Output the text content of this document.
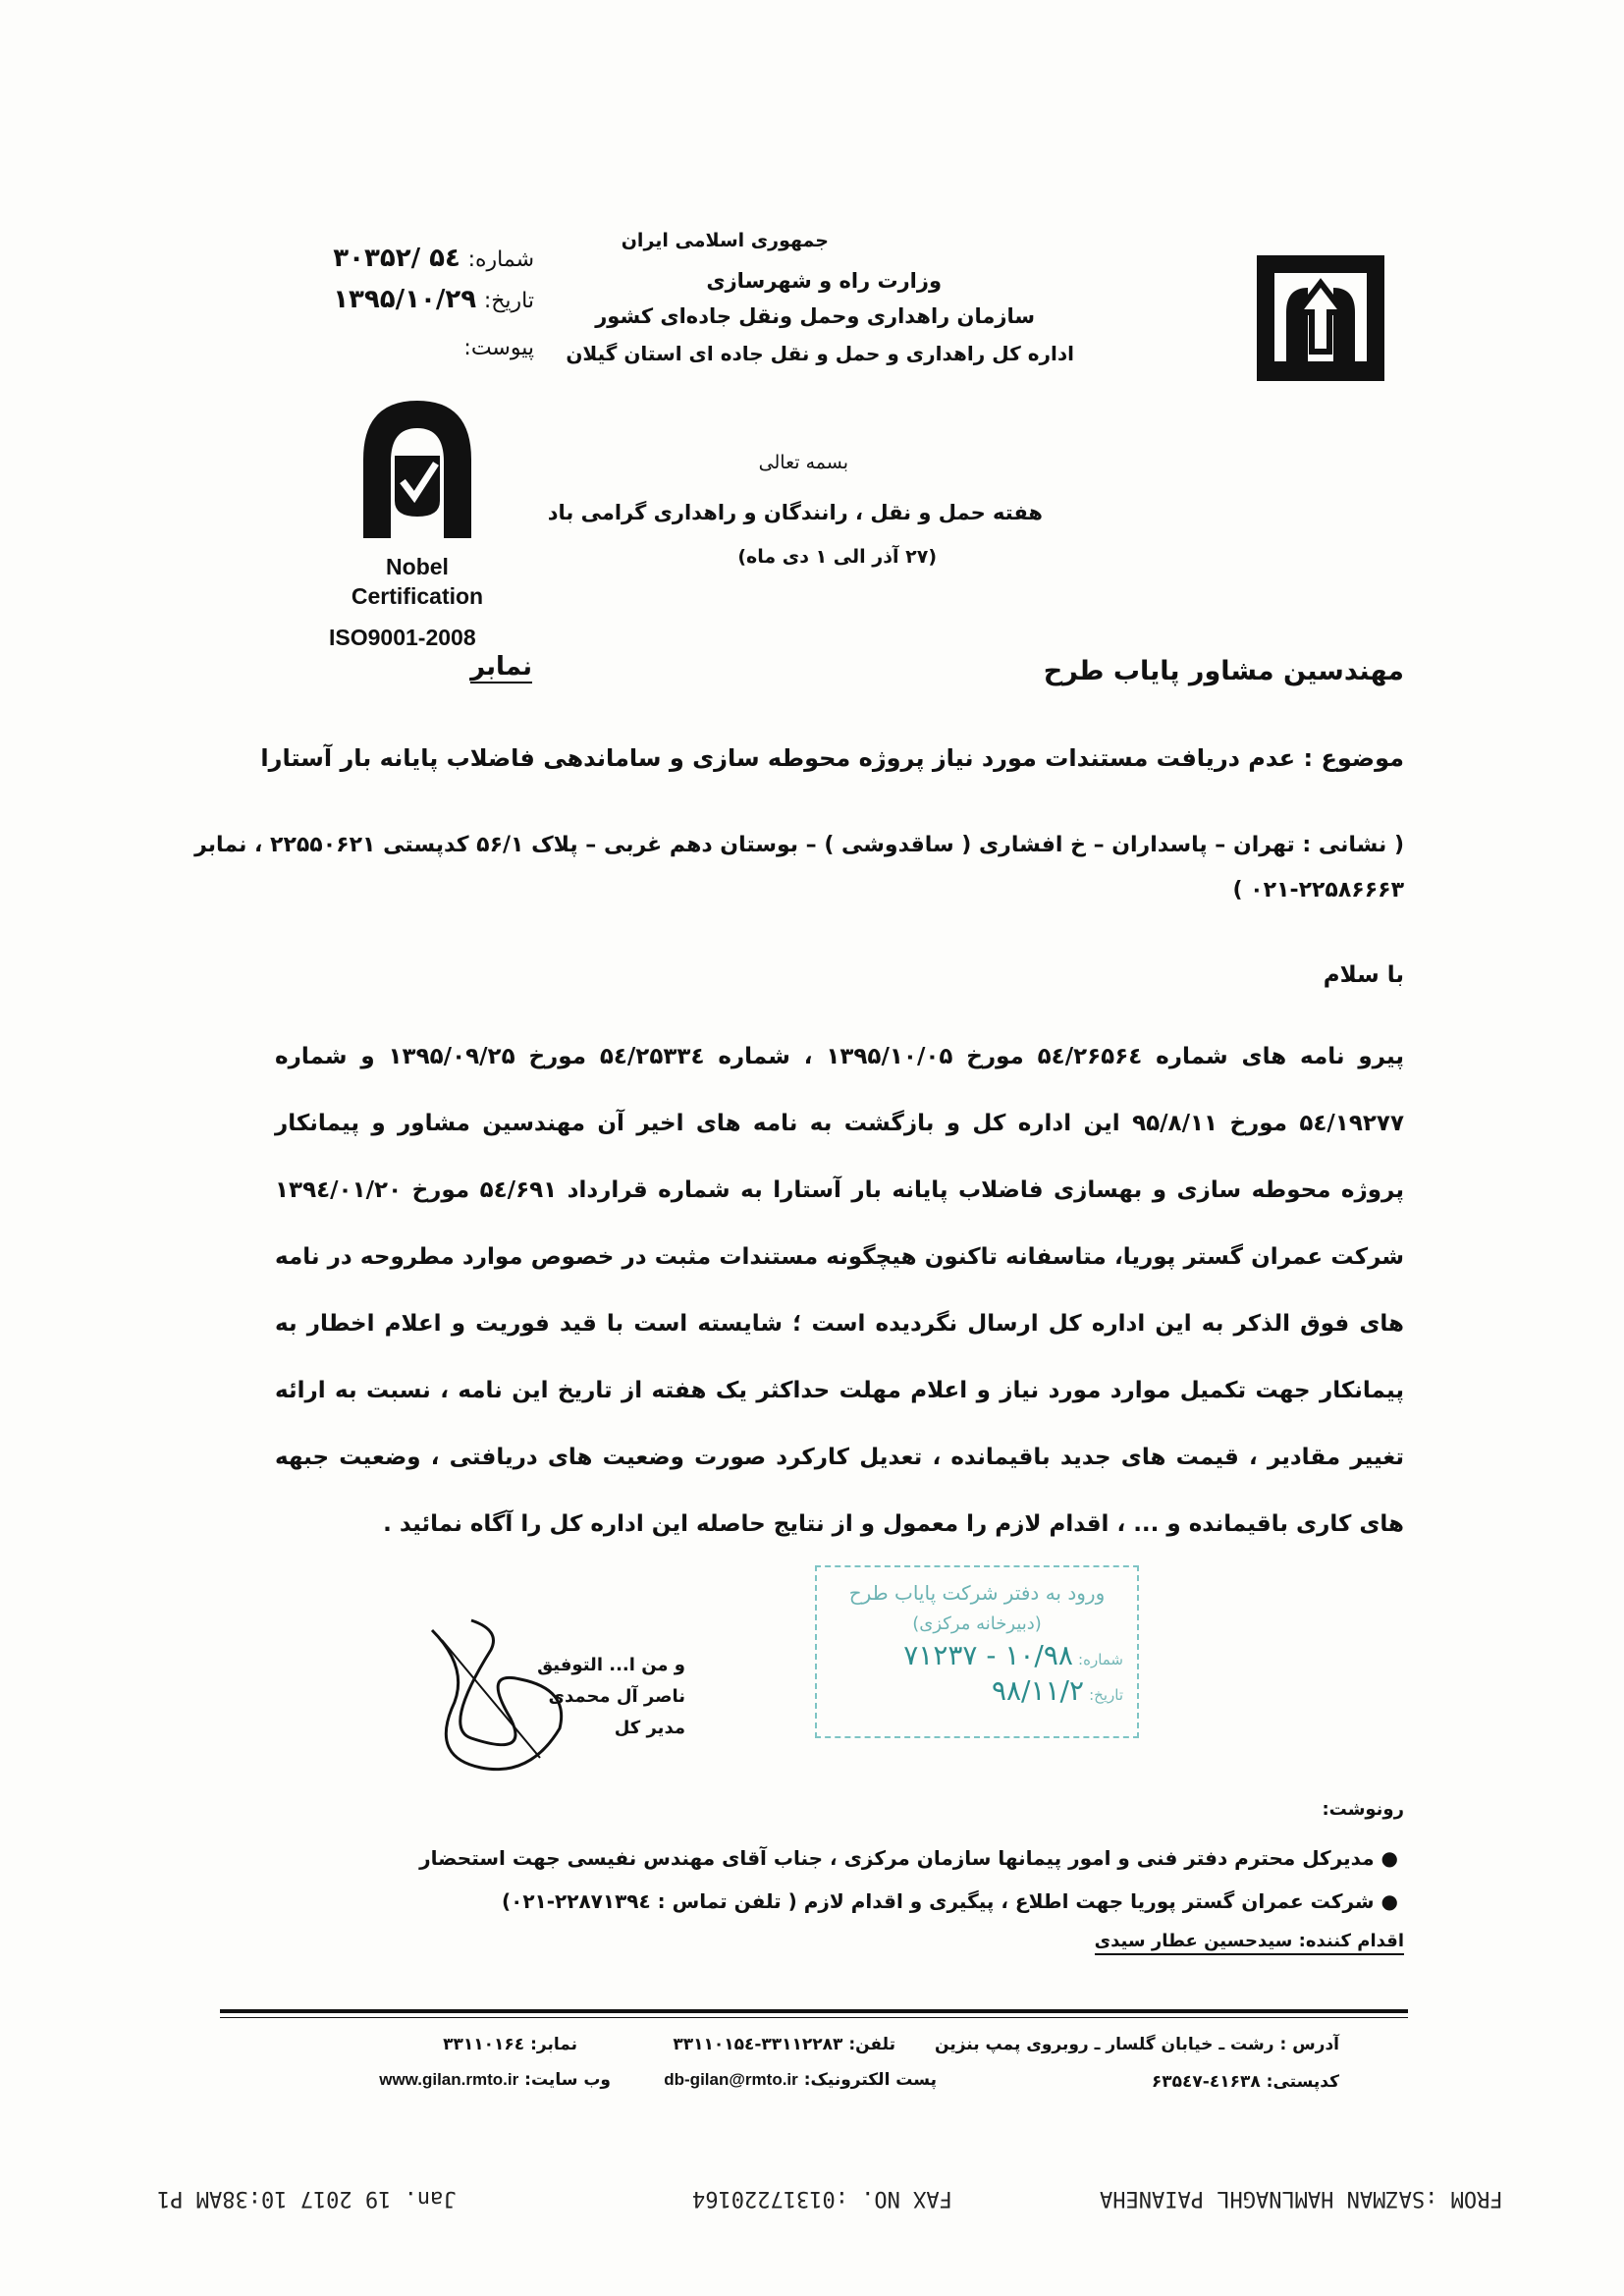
جمهوری اسلامی ایران
وزارت راه و شهرسازی
سازمان راهداری وحمل ونقل جاده‌ای کشور
اداره کل راهداری و حمل و نقل جاده ای استان گیلان
شماره: ۵٤ /۳۰۳۵۲
تاریخ: ۱۳۹۵/۱۰/۲۹
پیوست:
Nobel
Certification
ISO9001-2008
نمابر
بسمه تعالی
هفته حمل و نقل ، رانندگان و راهداری گرامی باد
(۲۷ آذر الی ۱ دی ماه)
مهندسین مشاور پایاب طرح
موضوع : عدم دریافت مستندات مورد نیاز پروژه محوطه سازی و ساماندهی فاضلاب پایانه بار آستارا
( نشانی : تهران – پاسداران – خ افشاری ( ساقدوشی ) – بوستان دهم غربی – پلاک ۵۶/۱ کدپستی ۲۲۵۵۰۶۲۱ ، نمابر
۰۲۱-۲۲۵۸۶۶۶۳ )
با سلام
پیرو نامه های شماره ۵٤/۲۶۵۶٤ مورخ ۱۳۹۵/۱۰/۰۵ ، شماره ۵٤/۲۵۳۳٤ مورخ ۱۳۹۵/۰۹/۲۵ و شماره ۵٤/۱۹۲۷۷ مورخ ۹۵/۸/۱۱ این اداره کل و بازگشت به نامه های اخیر آن مهندسین مشاور و پیمانکار پروژه محوطه سازی و بهسازی فاضلاب پایانه بار آستارا به شماره قرارداد ۵٤/۶۹۱ مورخ ۱۳۹٤/۰۱/۲۰ شرکت عمران گستر پوریا، متاسفانه تاکنون هیچگونه مستندات مثبت در خصوص موارد مطروحه در نامه های فوق الذکر به این اداره کل ارسال نگردیده است ؛ شایسته است با قید فوریت و اعلام اخطار به پیمانکار جهت تکمیل موارد مورد نیاز و اعلام مهلت حداکثر یک هفته از تاریخ این نامه ، نسبت به ارائه تغییر مقادیر ، قیمت های جدید باقیمانده ، تعدیل کارکرد صورت وضعیت های دریافتی ، وضعیت جبهه های کاری باقیمانده و ... ، اقدام لازم را معمول و از نتایج حاصله این اداره کل را آگاه نمائید .
و من ا... التوفیق
ناصر آل محمدی
مدیر کل
ورود به دفتر شرکت پایاب طرح
(دبیرخانه مرکزی)
شماره: ۱۰/۹۸ - ۷۱۲۳۷
تاریخ: ۹۸/۱۱/۲
رونوشت:
● مدیرکل محترم دفتر فنی و امور پیمانها سازمان مرکزی ، جناب آقای مهندس نفیسی جهت استحضار
● شرکت عمران گستر پوریا جهت اطلاع ، پیگیری و اقدام لازم ( تلفن تماس : ۲۲۸۷۱۳۹٤-۰۲۱)
اقدام کننده: سیدحسین عطار سیدی
آدرس : رشت ـ خیابان گلسار ـ روبروی پمپ بنزین
تلفن: ۳۳۱۱۲۲۸۳-۳۳۱۱۰۱۵٤
نمابر: ۳۳۱۱۰۱۶٤
کدپستی: ٤۱۶۳۸-۶۳۵٤۷
پست الکترونیک: db-gilan@rmto.ir
وب سایت: www.gilan.rmto.ir
FROM :SAZMAN HAMLNAGHL PAIANEHA
FAX NO. :01317220164
Jan. 19 2017 10:38AM P1
